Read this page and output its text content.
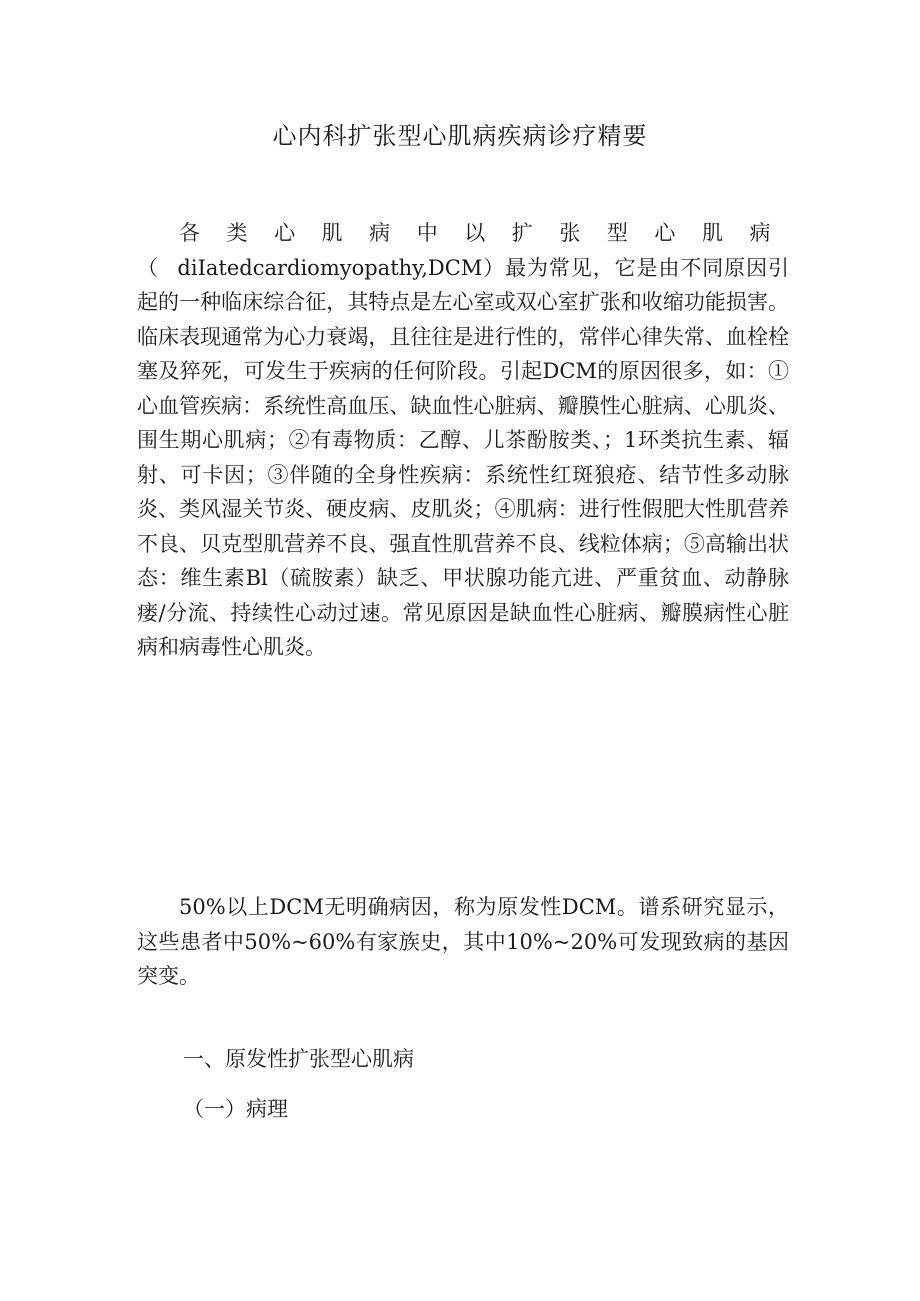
心内科扩张型心肌病疾病诊疗精要

各类心肌病中以扩张型心肌病（diIatedcardiomyopathy,DCM）最为常见，它是由不同原因引起的一种临床综合征，其特点是左心室或双心室扩张和收缩功能损害。临床表现通常为心力衰竭，且往往是进行性的，常伴心律失常、血栓栓塞及猝死，可发生于疾病的任何阶段。引起DCM的原因很多，如：①心血管疾病：系统性高血压、缺血性心脏病、瓣膜性心脏病、心肌炎、围生期心肌病；②有毒物质：乙醇、儿茶酚胺类、；1环类抗生素、辐射、可卡因；③伴随的全身性疾病：系统性红斑狼疮、结节性多动脉炎、类风湿关节炎、硬皮病、皮肌炎；④肌病：进行性假肥大性肌营养不良、贝克型肌营养不良、强直性肌营养不良、线粒体病；⑤高输出状态：维生素Bl（硫胺素）缺乏、甲状腺功能亢进、严重贫血、动静脉瘘/分流、持续性心动过速。常见原因是缺血性心脏病、瓣膜病性心脏病和病毒性心肌炎。

50%以上DCM无明确病因，称为原发性DCM。谱系研究显示，这些患者中50%~60%有家族史，其中10%~20%可发现致病的基因突变。

一、原发性扩张型心肌病
（一）病理
